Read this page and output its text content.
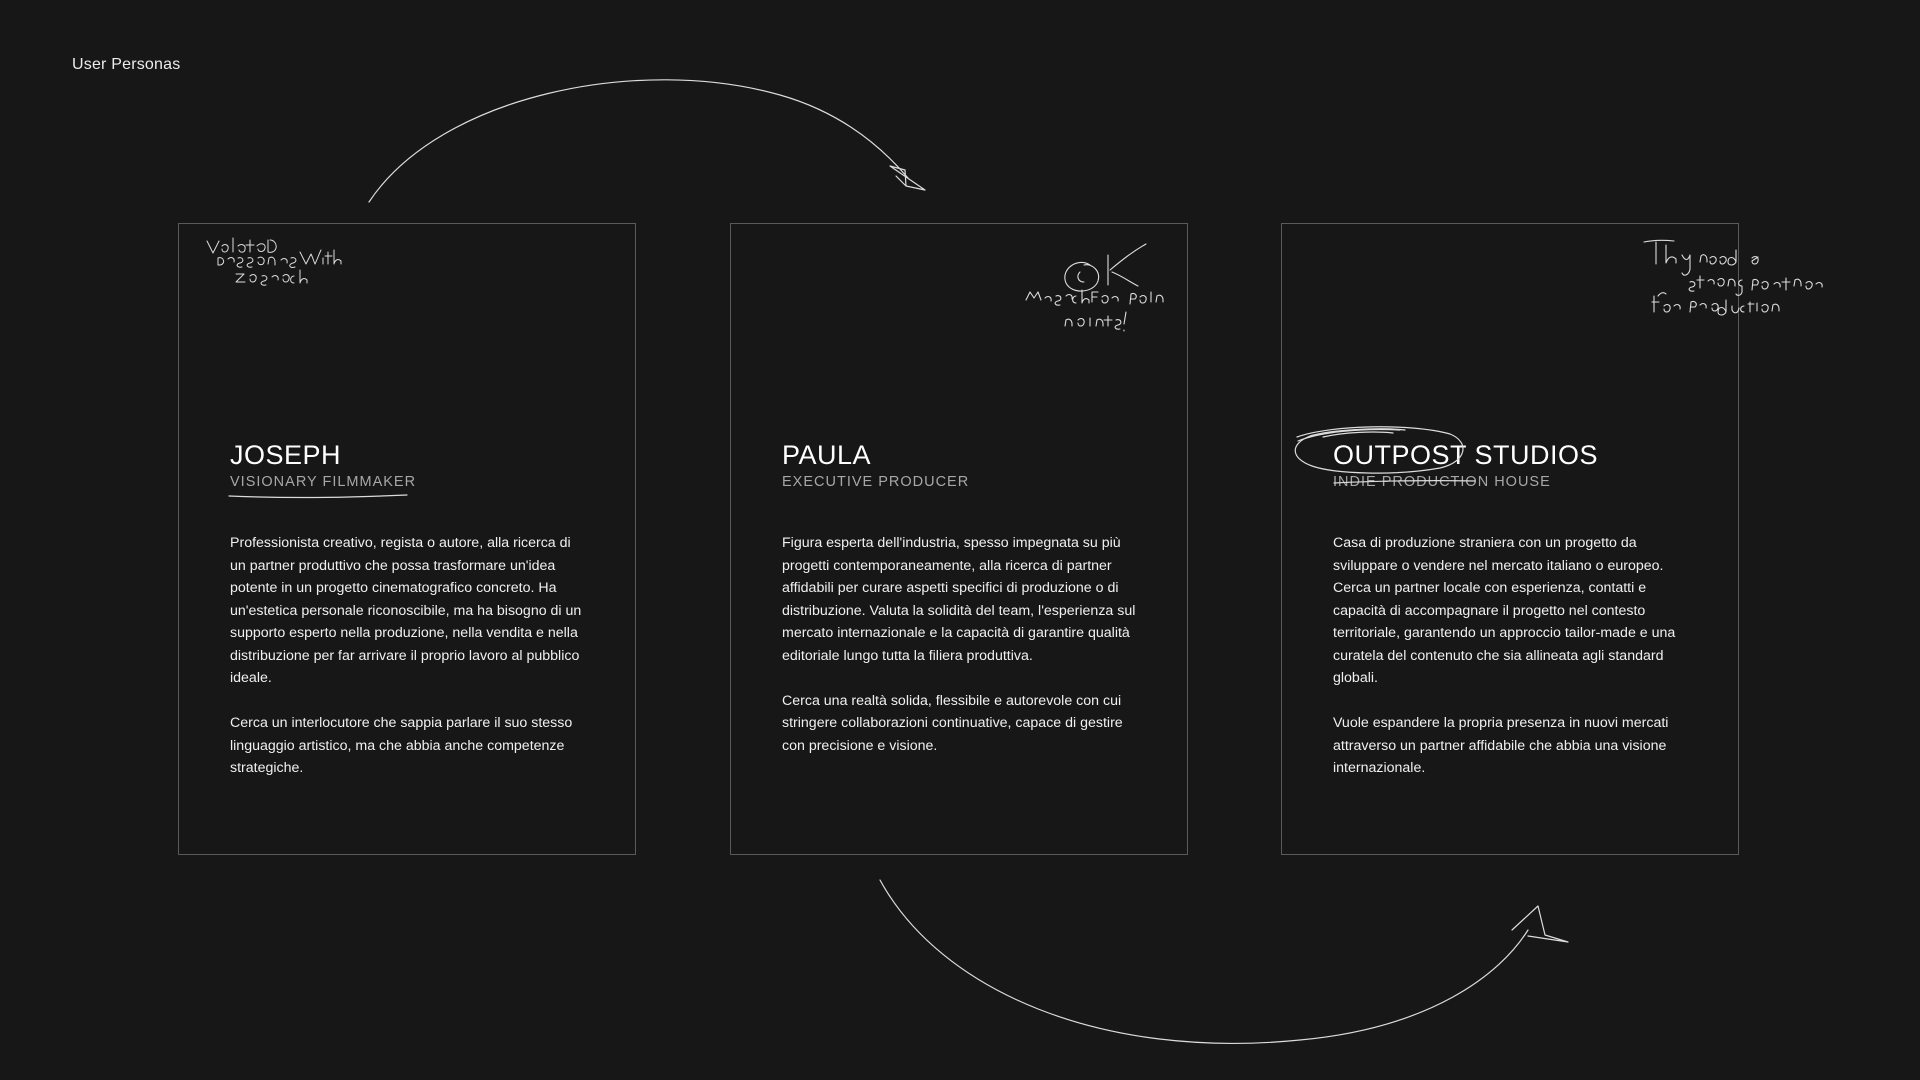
User Personas
JOSEPH
VISIONARY FILMMAKER

Professionista creativo, regista o autore, alla ricerca di un partner produttivo che possa trasformare un'idea potente in un progetto cinematografico concreto. Ha un'estetica personale riconoscibile, ma ha bisogno di un supporto esperto nella produzione, nella vendita e nella distribuzione per far arrivare il proprio lavoro al pubblico ideale.

Cerca un interlocutore che sappia parlare il suo stesso linguaggio artistico, ma che abbia anche competenze strategiche.

PAULA
EXECUTIVE PRODUCER

Figura esperta dell'industria, spesso impegnata su più progetti contemporaneamente, alla ricerca di partner affidabili per curare aspetti specifici di produzione o di distribuzione. Valuta la solidità del team, l'esperienza sul mercato internazionale e la capacità di garantire qualità editoriale lungo tutta la filiera produttiva.

Cerca una realtà solida, flessibile e autorevole con cui stringere collaborazioni continuative, capace di gestire con precisione e visione.

OUTPOST STUDIOS
INDIE PRODUCTION HOUSE

Casa di produzione straniera con un progetto da sviluppare o vendere nel mercato italiano o europeo. Cerca un partner locale con esperienza, contatti e capacità di accompagnare il progetto nel contesto territoriale, garantendo un approccio tailor-made e una curatela del contenuto che sia allineata agli standard globali.

Vuole espandere la propria presenza in nuovi mercati attraverso un partner affidabile che abbia una visione internazionale.
